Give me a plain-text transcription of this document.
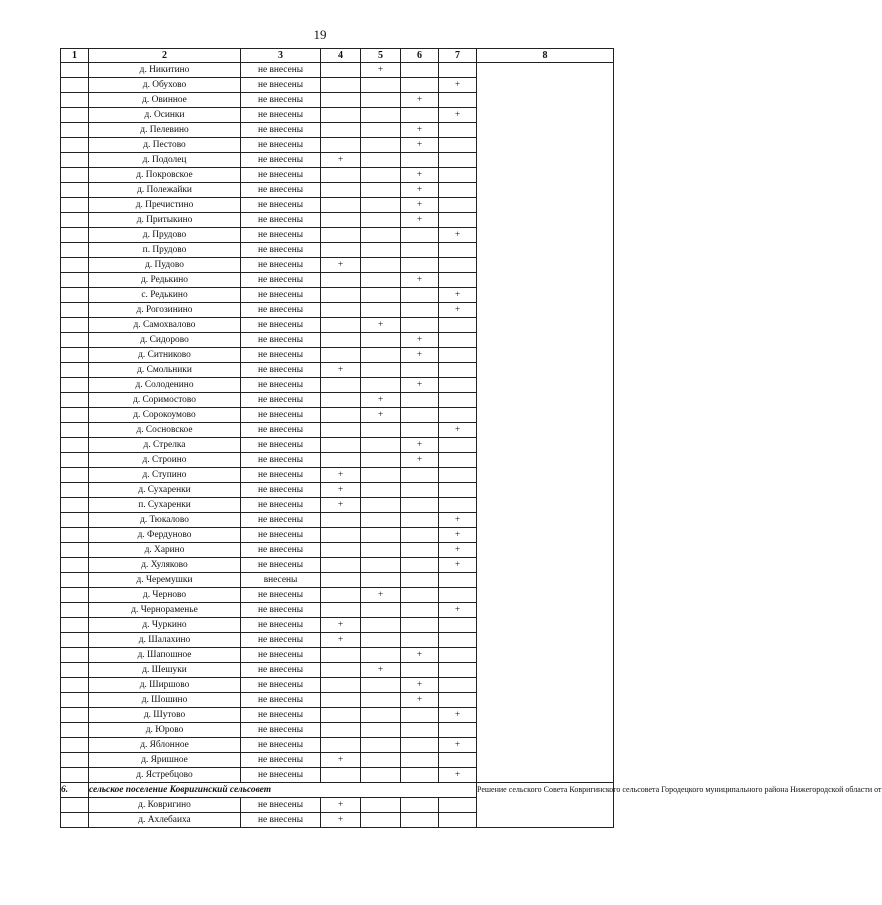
19
1	2	3	4	5	6	7	8
	д. Никитино	не внесены		+			
	д. Обухово	не внесены				+	
	д. Овинное	не внесены			+		
	д. Осинки	не внесены				+	
	д. Пелевино	не внесены			+		
	д. Пестово	не внесены			+		
	д. Подолец	не внесены	+				
	д. Покровское	не внесены			+		
	д. Полежайки	не внесены			+		
	д. Пречистино	не внесены			+		
	д. Притыкино	не внесены			+		
	д. Прудово	не внесены				+	
	п. Прудово	не внесены					
	д. Пудово	не внесены	+				
	д. Редькино	не внесены			+		
	с. Редькино	не внесены				+	
	д. Рогозинино	не внесены				+	
	д. Самохвалово	не внесены		+			
	д. Сидорово	не внесены			+		
	д. Ситниково	не внесены			+		
	д. Смольники	не внесены	+				
	д. Солоденино	не внесены			+		
	д. Соримостово	не внесены		+			
	д. Сорокоумово	не внесены		+			
	д. Сосновское	не внесены				+	
	д. Стрелка	не внесены			+		
	д. Строино	не внесены			+		
	д. Ступино	не внесены	+				
	д. Сухаренки	не внесены	+				
	п. Сухаренки	не внесены	+				
	д. Тюкалово	не внесены				+	
	д. Фердуново	не внесены				+	
	д. Харино	не внесены				+	
	д. Хуляково	не внесены				+	
	д. Черемушки	внесены					
	д. Черново	не внесены		+			
	д. Чернораменье	не внесены				+	
	д. Чуркино	не внесены	+				
	д. Шалахино	не внесены	+				
	д. Шапошное	не внесены			+		
	д. Шешуки	не внесены		+			
	д. Ширшово	не внесены			+		
	д. Шошино	не внесены			+		
	д. Шутово	не внесены				+	
	д. Юрово	не внесены					
	д. Яблонное	не внесены				+	
	д. Яришное	не внесены	+				
	д. Ястребцово	не внесены				+	
6.	сельское поселение Ковригинский сельсовет						Решение сельского Совета Ковригинского сельсовета Городецкого муниципального района Нижегородской области от
	д. Ковригино	не внесены	+				
	д. Ахлебаиха	не внесены	+				
